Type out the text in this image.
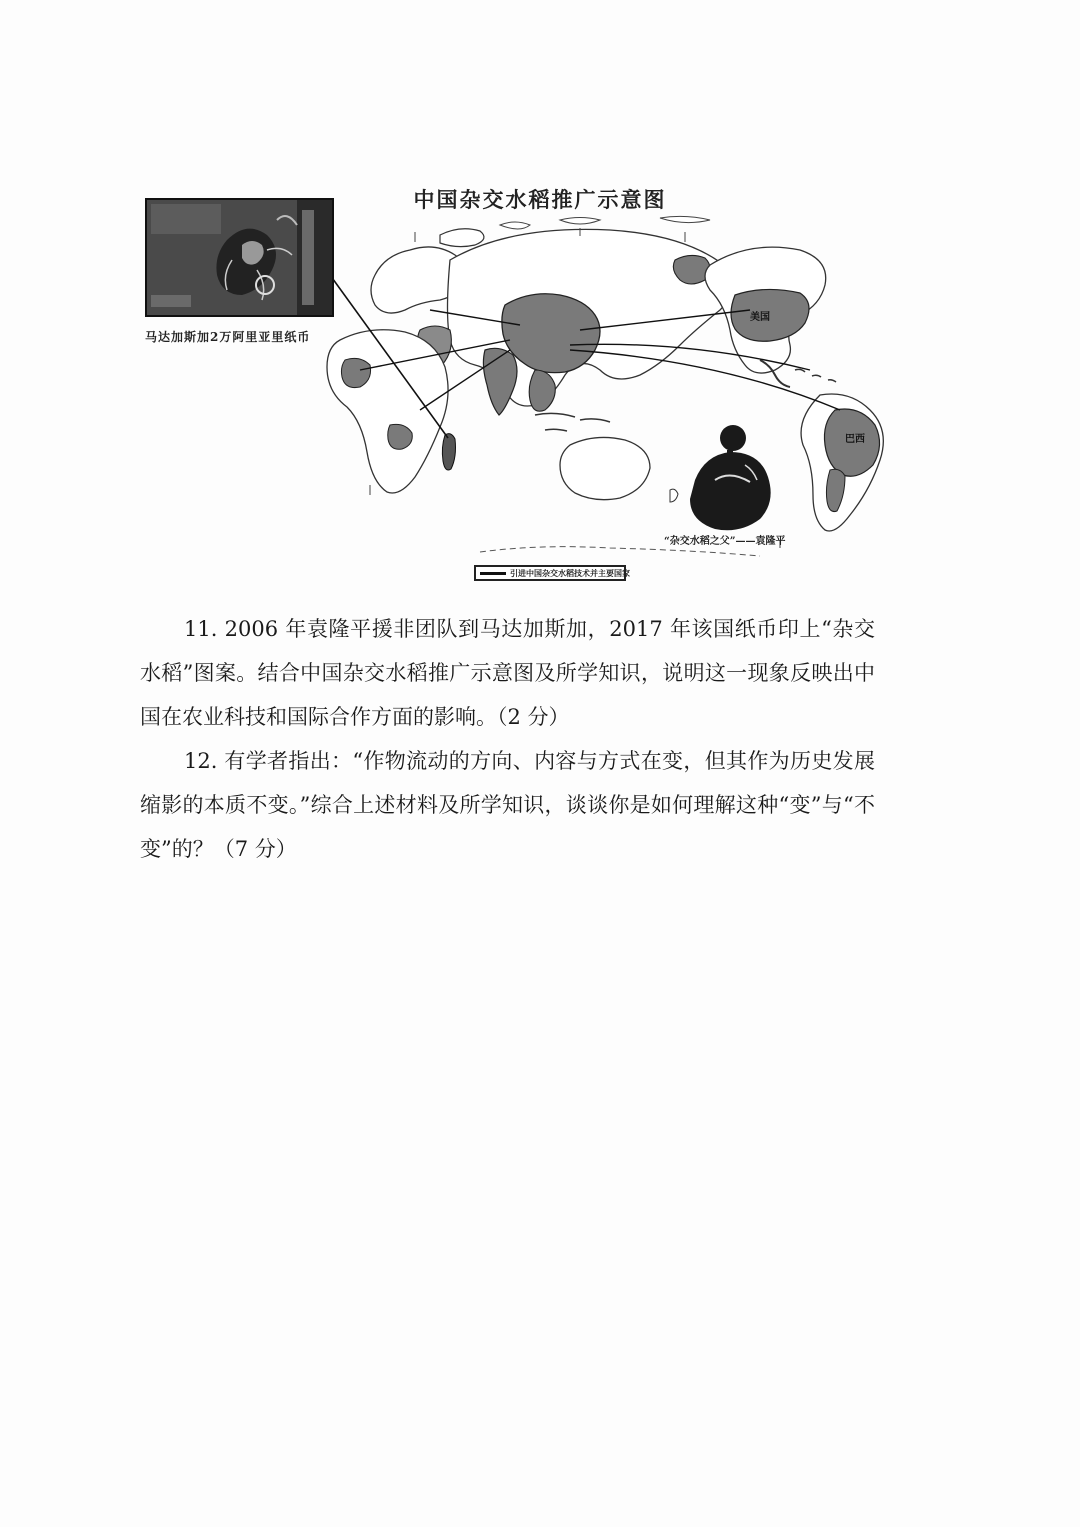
美国
巴西
中国杂交水稻推广示意图
马达加斯加2万阿里亚里纸币
“杂交水稻之父”——袁隆平
引进中国杂交水稻技术并主要国家

11. 2006 年袁隆平援非团队到马达加斯加，2017 年该国纸币印上“杂交水稻”图案。结合中国杂交水稻推广示意图及所学知识，说明这一现象反映出中国在农业科技和国际合作方面的影响。（2 分）

12. 有学者指出：“作物流动的方向、内容与方式在变，但其作为历史发展缩影的本质不变。”综合上述材料及所学知识，谈谈你是如何理解这种“变”与“不变”的？（7 分）
